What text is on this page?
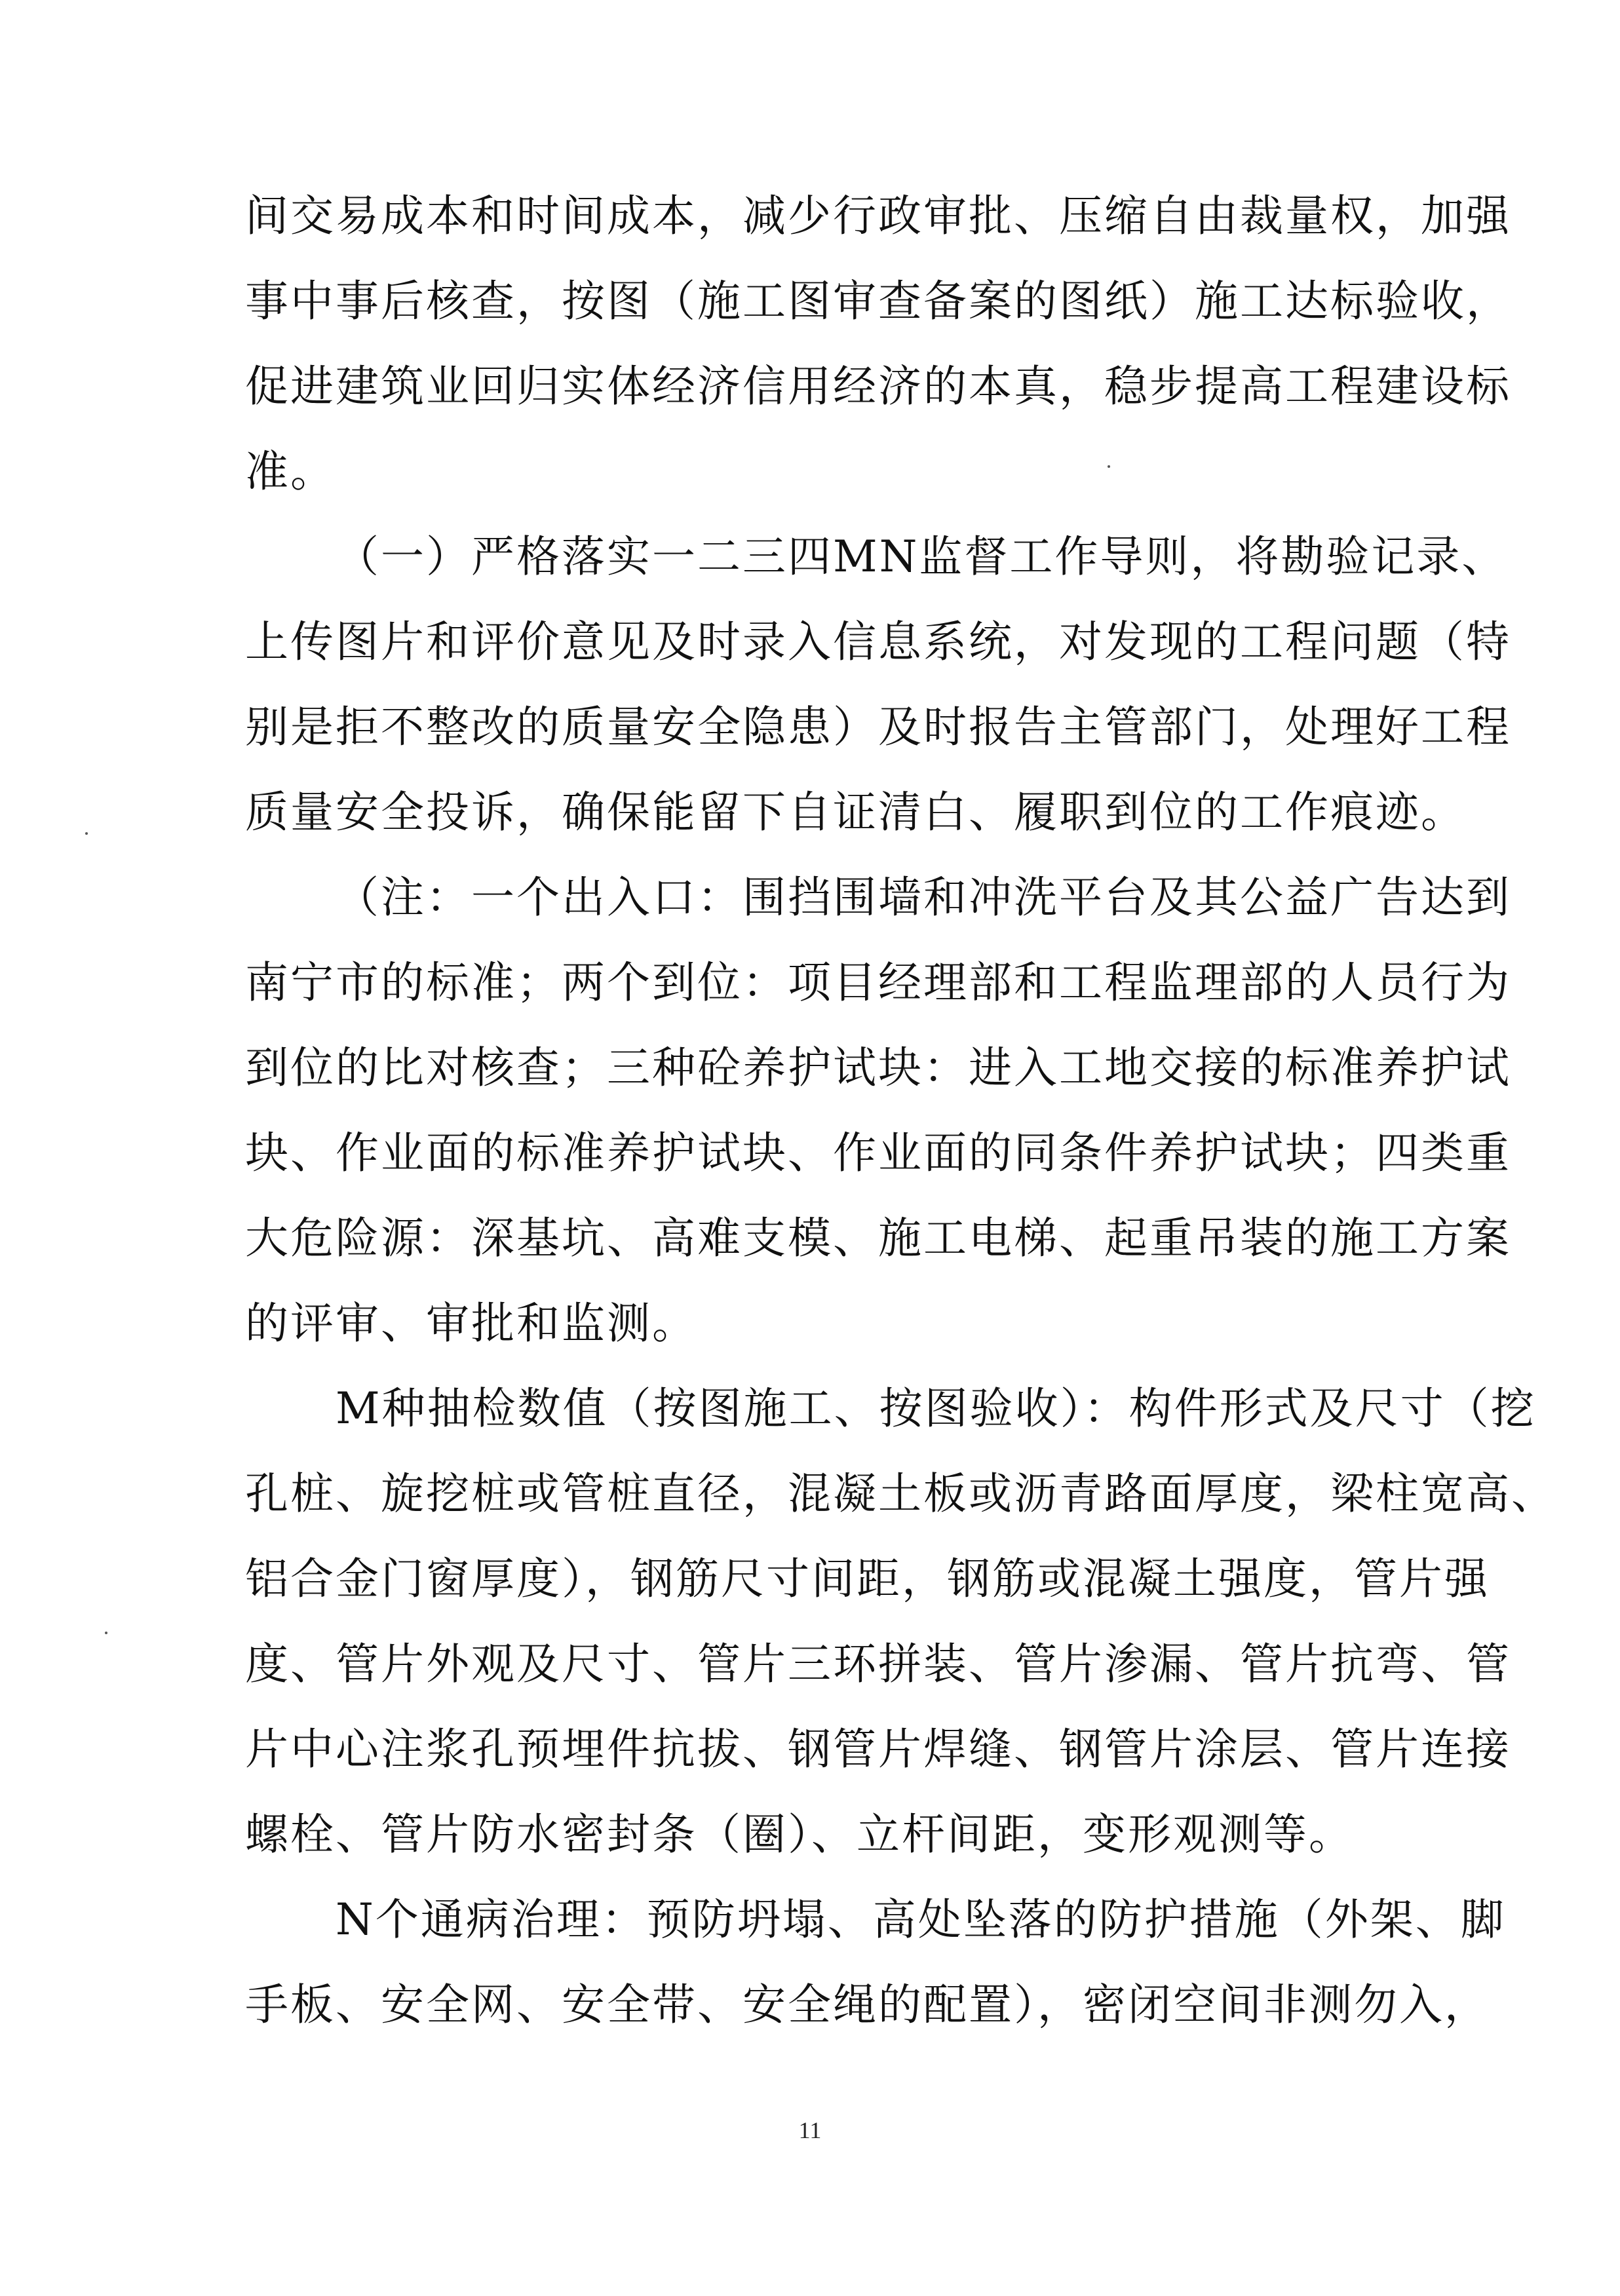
间交易成本和时间成本，减少行政审批、压缩自由裁量权，加强
事中事后核查，按图（施工图审查备案的图纸）施工达标验收，
促进建筑业回归实体经济信用经济的本真，稳步提高工程建设标
准。
（一）严格落实一二三四MN监督工作导则，将勘验记录、
上传图片和评价意见及时录入信息系统，对发现的工程问题（特
别是拒不整改的质量安全隐患）及时报告主管部门，处理好工程
质量安全投诉，确保能留下自证清白、履职到位的工作痕迹。
（注：一个出入口：围挡围墙和冲洗平台及其公益广告达到
南宁市的标准；两个到位：项目经理部和工程监理部的人员行为
到位的比对核查；三种砼养护试块：进入工地交接的标准养护试
块、作业面的标准养护试块、作业面的同条件养护试块；四类重
大危险源：深基坑、高难支模、施工电梯、起重吊装的施工方案
的评审、审批和监测。
M种抽检数值（按图施工、按图验收）：构件形式及尺寸（挖
孔桩、旋挖桩或管桩直径，混凝土板或沥青路面厚度，梁柱宽高、
铝合金门窗厚度），钢筋尺寸间距，钢筋或混凝土强度，管片强
度、管片外观及尺寸、管片三环拼装、管片渗漏、管片抗弯、管
片中心注浆孔预埋件抗拔、钢管片焊缝、钢管片涂层、管片连接
螺栓、管片防水密封条（圈）、立杆间距，变形观测等。
N个通病治理：预防坍塌、高处坠落的防护措施（外架、脚
手板、安全网、安全带、安全绳的配置），密闭空间非测勿入，
11
